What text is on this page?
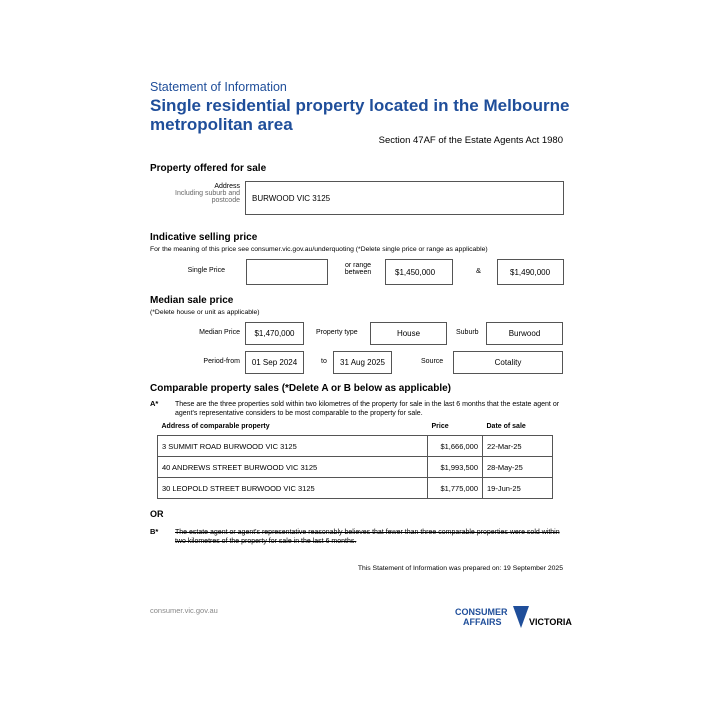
Statement of Information
Single residential property located in the Melbourne metropolitan area
Section 47AF of the Estate Agents Act 1980
Property offered for sale
Address
Including suburb and postcode BURWOOD VIC 3125
Indicative selling price
For the meaning of this price see consumer.vic.gov.au/underquoting (*Delete single price or range as applicable)
Single Price
or range between	$1,450,000	&	$1,490,000
Median sale price
(*Delete house or unit as applicable)
Median Price $1,470,000	Property type	House	Suburb	Burwood
Period-from 01 Sep 2024	to 31 Aug 2025	Source	Cotality
Comparable property sales (*Delete A or B below as applicable)
A* These are the three properties sold within two kilometres of the property for sale in the last 6 months that the estate agent or agent's representative considers to be most comparable to the property for sale.
Address of comparable property	Price	Date of sale
3 SUMMIT ROAD BURWOOD VIC 3125	$1,666,000	22-Mar-25
40 ANDREWS STREET BURWOOD VIC 3125	$1,993,500	28-May-25
30 LEOPOLD STREET BURWOOD VIC 3125	$1,775,000	19-Jun-25
OR
B* The estate agent or agent's representative reasonably believes that fewer than three comparable properties were sold within two kilometres of the property for sale in the last 6 months.
This Statement of Information was prepared on: 19 September 2025
consumer.vic.gov.au	CONSUMER
AFFAIRS	VICTORIA
